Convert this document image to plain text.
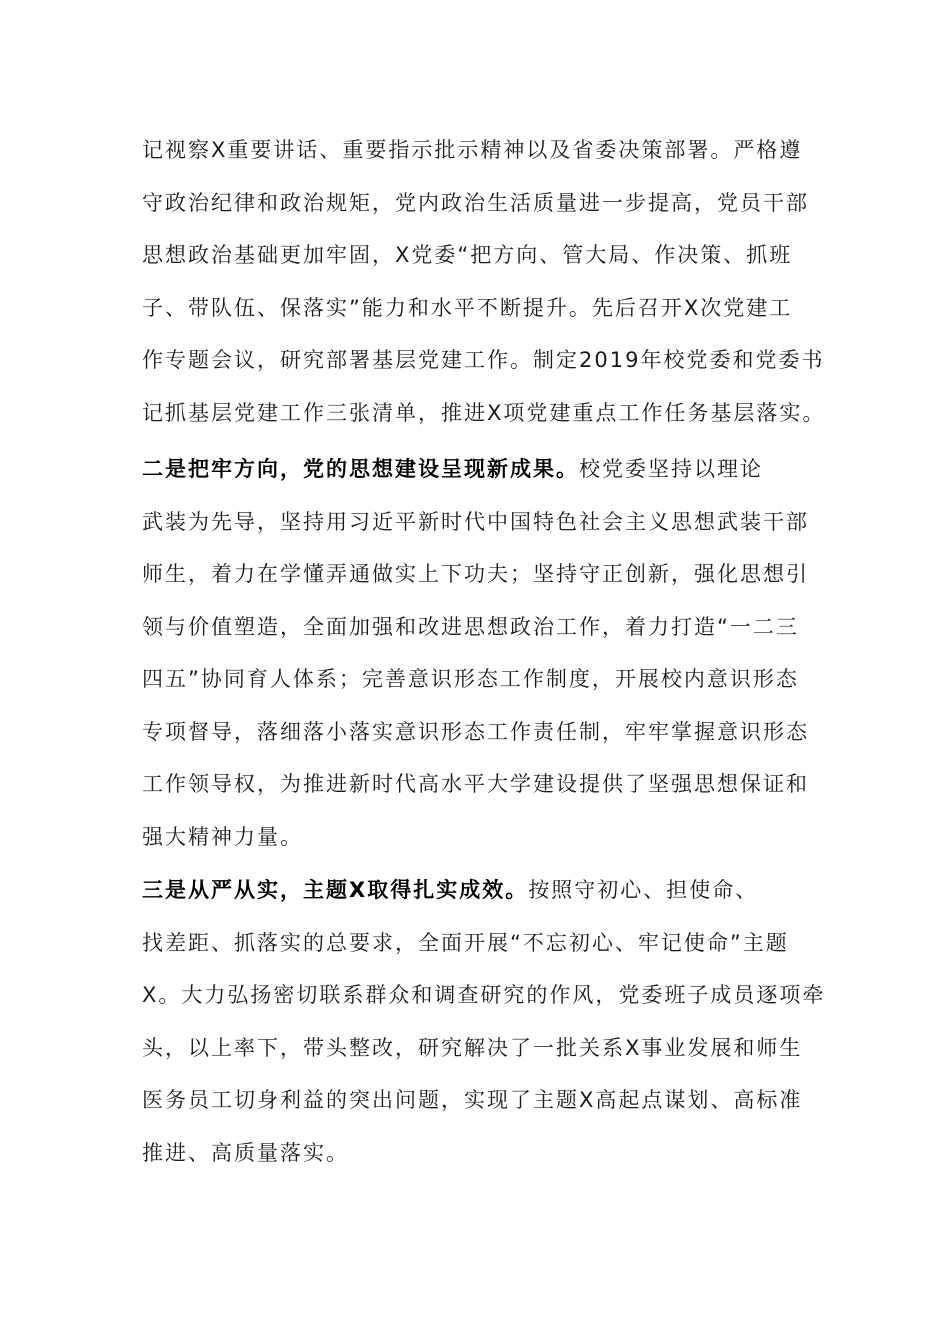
记视察X重要讲话、重要指示批示精神以及省委决策部署。严格遵
守政治纪律和政治规矩，党内政治生活质量进一步提高，党员干部
思想政治基础更加牢固，X党委“把方向、管大局、作决策、抓班
子、带队伍、保落实”能力和水平不断提升。先后召开X次党建工
作专题会议，研究部署基层党建工作。制定2019年校党委和党委书
记抓基层党建工作三张清单，推进X项党建重点工作任务基层落实。
二是把牢方向，党的思想建设呈现新成果。校党委坚持以理论
武装为先导，坚持用习近平新时代中国特色社会主义思想武装干部
师生，着力在学懂弄通做实上下功夫；坚持守正创新，强化思想引
领与价值塑造，全面加强和改进思想政治工作，着力打造“一二三
四五”协同育人体系；完善意识形态工作制度，开展校内意识形态
专项督导，落细落小落实意识形态工作责任制，牢牢掌握意识形态
工作领导权，为推进新时代高水平大学建设提供了坚强思想保证和
强大精神力量。
三是从严从实，主题X取得扎实成效。按照守初心、担使命、
找差距、抓落实的总要求，全面开展“不忘初心、牢记使命”主题
X。大力弘扬密切联系群众和调查研究的作风，党委班子成员逐项牵
头，以上率下，带头整改，研究解决了一批关系X事业发展和师生
医务员工切身利益的突出问题，实现了主题X高起点谋划、高标准
推进、高质量落实。
